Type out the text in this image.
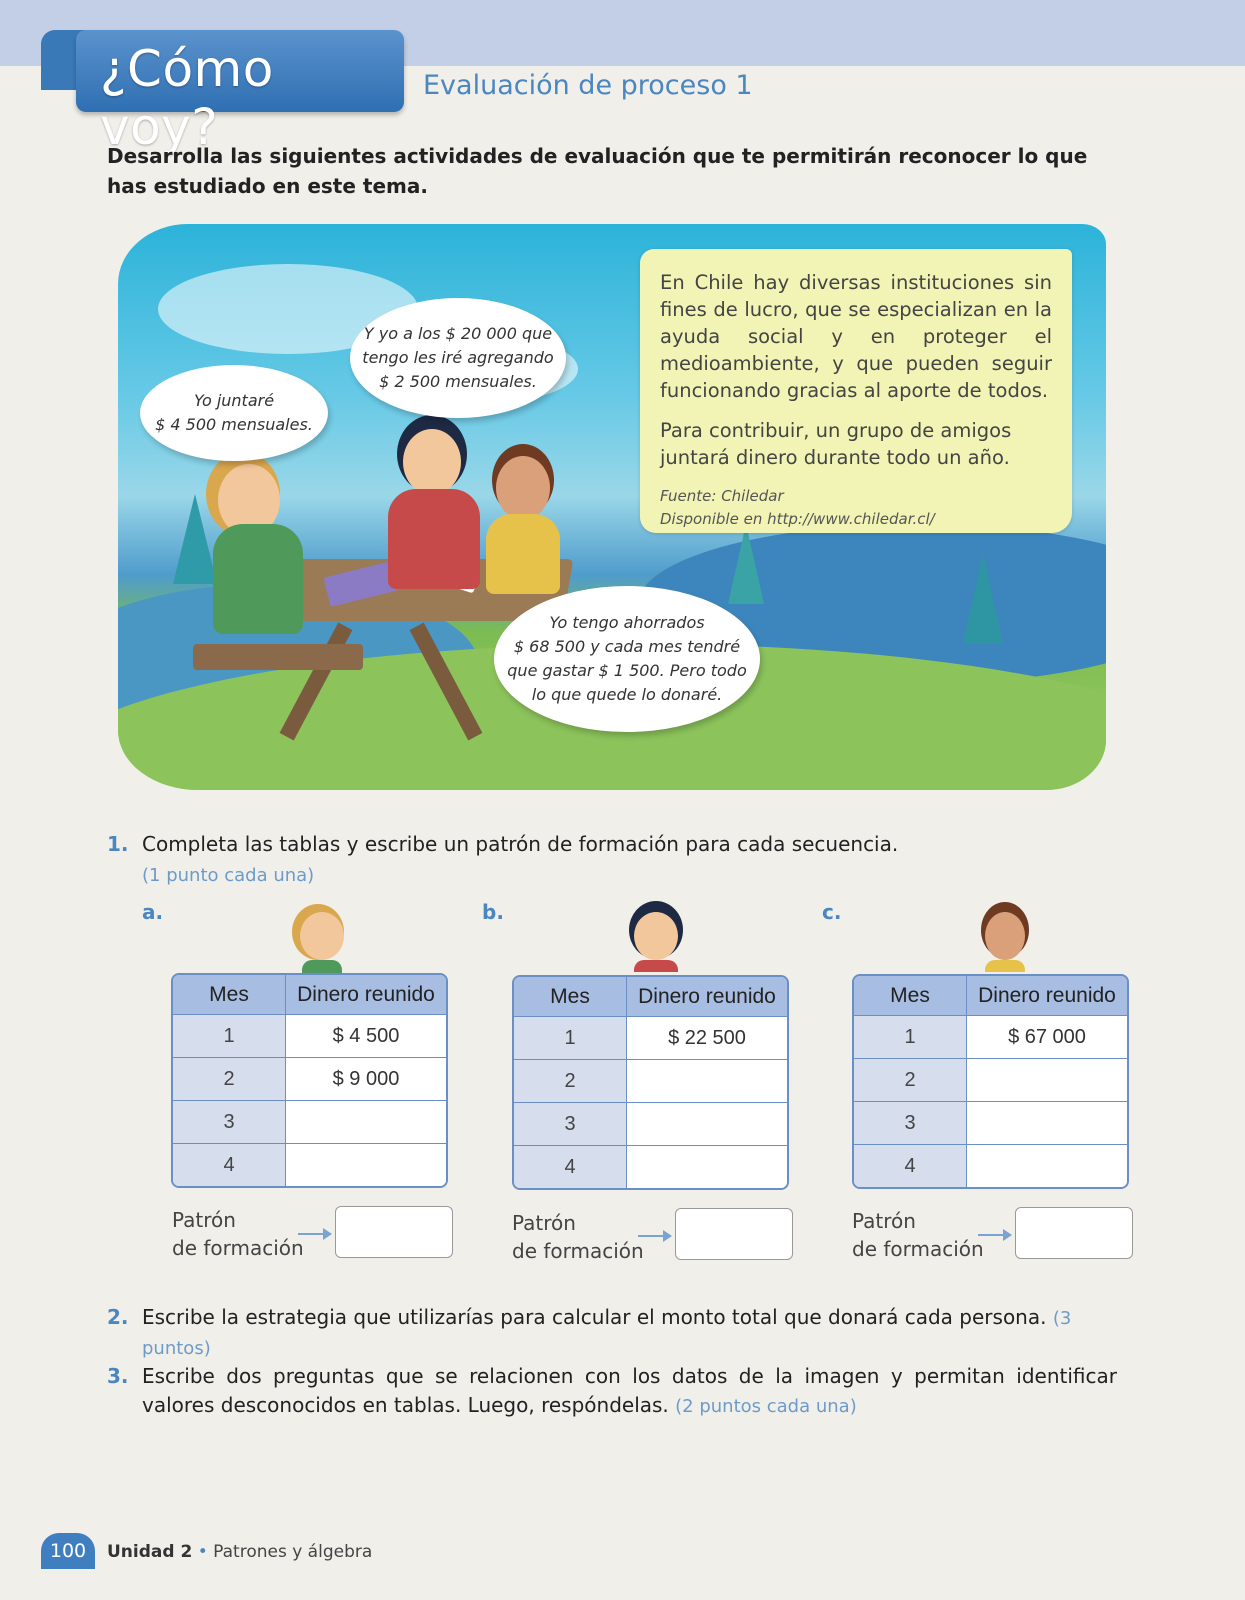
¿Cómo voy?
Evaluación de proceso 1
Desarrolla las siguientes actividades de evaluación que te permitirán reconocer lo que has estudiado en este tema.
Yo juntaré
$ 4 500 mensuales.
Y yo a los $ 20 000 que
tengo les iré agregando
$ 2 500 mensuales.
Yo tengo ahorrados
$ 68 500 y cada mes tendré
que gastar $ 1 500. Pero todo
lo que quede lo donaré.
En Chile hay diversas instituciones sin fines de lucro, que se especializan en la ayuda social y en proteger el medioambiente, y que pueden seguir funcionando gracias al aporte de todos.
Para contribuir, un grupo de amigos juntará dinero durante todo un año.
Fuente: Chiledar
Disponible en http://www.chiledar.cl/
1. Completa las tablas y escribe un patrón de formación para cada secuencia.
(1 punto cada una)
a.
Mes	Dinero reunido
1	$ 4 500
2	$ 9 000
3	
4	
Patrón
de formación
b.
Mes	Dinero reunido
1	$ 22 500
2	
3	
4	
Patrón
de formación
c.
Mes	Dinero reunido
1	$ 67 000
2	
3	
4	
Patrón
de formación
2. Escribe la estrategia que utilizarías para calcular el monto total que donará cada persona. (3 puntos)
3. Escribe dos preguntas que se relacionen con los datos de la imagen y permitan identificar valores desconocidos en tablas. Luego, respóndelas. (2 puntos cada una)
100	Unidad 2 • Patrones y álgebra
